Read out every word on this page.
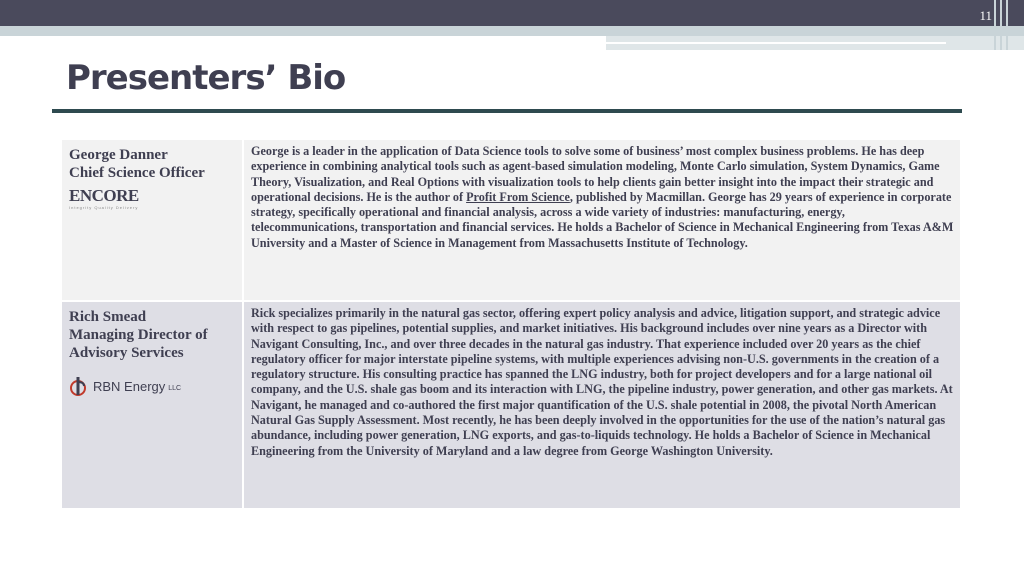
11
Presenters’ Bio
George Danner
Chief Science Officer
ENCORE
Integrity Quality Delivery
George is a leader in the application of Data Science tools to solve some of business’ most complex business problems. He has deep experience in combining analytical tools such as agent-based simulation modeling, Monte Carlo simulation, System Dynamics, Game Theory, Visualization, and Real Options with visualization tools to help clients gain better insight into the impact their strategic and operational decisions. He is the author of Profit From Science, published by Macmillan. George has 29 years of experience in corporate strategy, specifically operational and financial analysis, across a wide variety of industries: manufacturing, energy, telecommunications, transportation and financial services. He holds a Bachelor of Science in Mechanical Engineering from Texas A&M University and a Master of Science in Management from Massachusetts Institute of Technology.
Rich Smead
Managing Director of Advisory Services
RBN Energy LLC
Rick specializes primarily in the natural gas sector, offering expert policy analysis and advice, litigation support, and strategic advice with respect to gas pipelines, potential supplies, and market initiatives. His background includes over nine years as a Director with Navigant Consulting, Inc., and over three decades in the natural gas industry. That experience included over 20 years as the chief regulatory officer for major interstate pipeline systems, with multiple experiences advising non-U.S. governments in the creation of a regulatory structure. His consulting practice has spanned the LNG industry, both for project developers and for a large national oil company, and the U.S. shale gas boom and its interaction with LNG, the pipeline industry, power generation, and other gas markets. At Navigant, he managed and co-authored the first major quantification of the U.S. shale potential in 2008, the pivotal North American Natural Gas Supply Assessment. Most recently, he has been deeply involved in the opportunities for the use of the nation’s natural gas abundance, including power generation, LNG exports, and gas-to-liquids technology. He holds a Bachelor of Science in Mechanical Engineering from the University of Maryland and a law degree from George Washington University.
